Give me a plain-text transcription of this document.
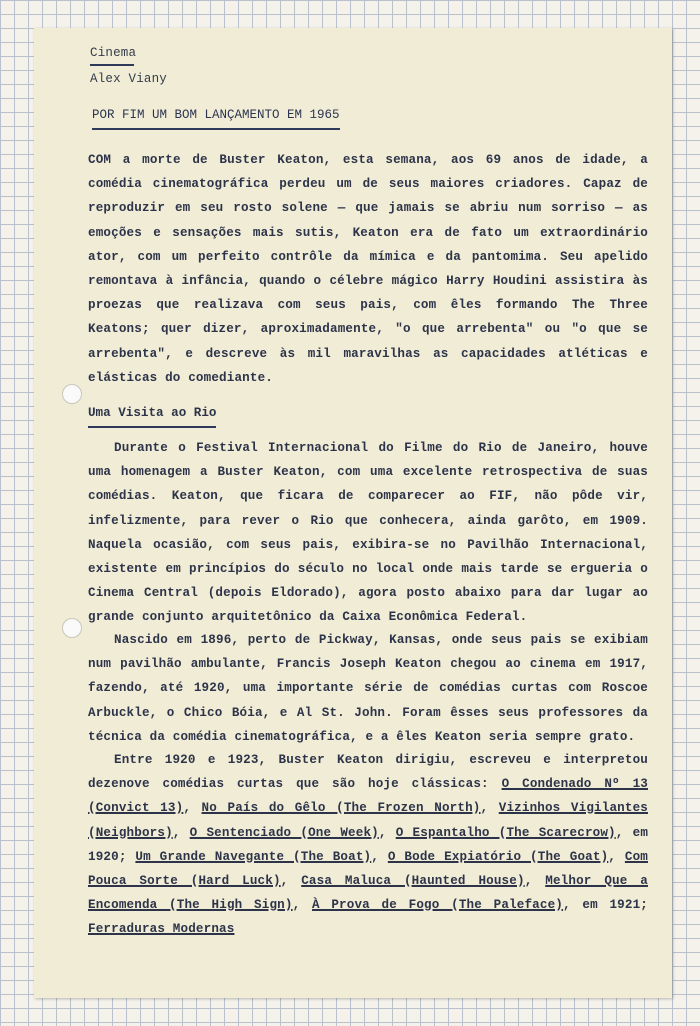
Cinema
Alex Viany
POR FIM UM BOM LANÇAMENTO EM 1965

COM a morte de Buster Keaton, esta semana, aos 69 anos de idade, a comédia cinematográfica perdeu um de seus maiores criadores. Capaz de reproduzir em seu rosto solene — que jamais se abriu num sorriso — as emoções e sensações mais sutis, Keaton era de fato um extraordinário ator, com um perfeito contrôle da mímica e da pantomima. Seu apelido remontava à infância, quando o célebre mágico Harry Houdini assistira às proezas que realizava com seus pais, com êles formando The Three Keatons; quer dizer, aproximadamente, "o que arrebenta" ou "o que se arrebenta", e descreve às mil maravilhas as capacidades atléticas e elásticas do comediante.

Uma Visita ao Rio

Durante o Festival Internacional do Filme do Rio de Janeiro, houve uma homenagem a Buster Keaton, com uma excelente retrospectiva de suas comédias. Keaton, que ficara de comparecer ao FIF, não pôde vir, infelizmente, para rever o Rio que conhecera, ainda garôto, em 1909. Naquela ocasião, com seus pais, exibira-se no Pavilhão Internacional, existente em princípios do século no local onde mais tarde se ergueria o Cinema Central (depois Eldorado), agora posto abaixo para dar lugar ao grande conjunto arquitetônico da Caixa Econômica Federal.

Nascido em 1896, perto de Pickway, Kansas, onde seus pais se exibiam num pavilhão ambulante, Francis Joseph Keaton chegou ao cinema em 1917, fazendo, até 1920, uma importante série de comédias curtas com Roscoe Arbuckle, o Chico Bóia, e Al St. John. Foram êsses seus professores da técnica da comédia cinematográfica, e a êles Keaton seria sempre grato.

Entre 1920 e 1923, Buster Keaton dirigiu, escreveu e interpretou dezenove comédias curtas que são hoje clássicas: O Condenado Nº 13 (Convict 13), No País do Gêlo (The Frozen North), Vizinhos Vigilantes (Neighbors), O Sentenciado (One Week), O Espantalho (The Scarecrow), em 1920; Um Grande Navegante (The Boat), O Bode Expiatório (The Goat), Com Pouca Sorte (Hard Luck), Casa Maluca (Haunted House), Melhor Que a Encomenda (The High Sign), À Prova de Fogo (The Paleface), em 1921; Ferraduras Modernas
